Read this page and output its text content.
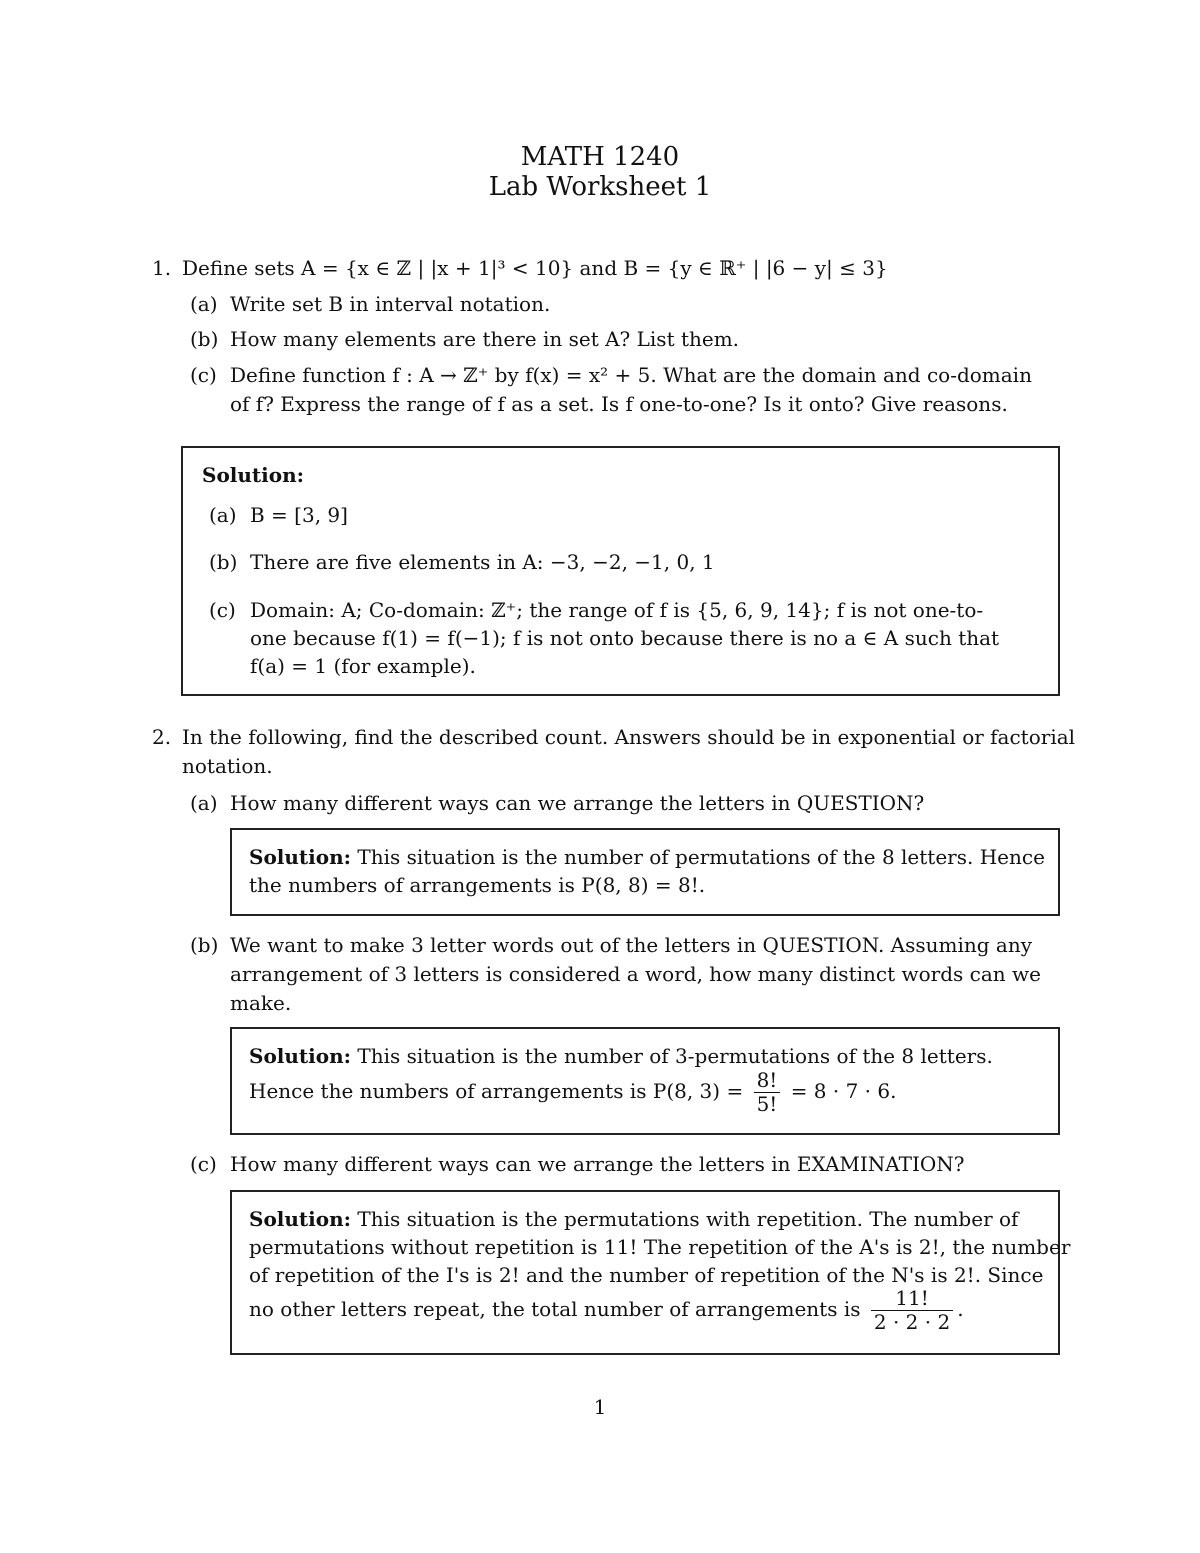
MATH 1240
Lab Worksheet 1
1. Define sets A = {x ∈ ℤ | |x + 1|³ < 10} and B = {y ∈ ℝ⁺ | |6 − y| ≤ 3}
(a) Write set B in interval notation.
(b) How many elements are there in set A? List them.
(c) Define function f : A → ℤ⁺ by f(x) = x² + 5. What are the domain and co-domain
of f? Express the range of f as a set. Is f one-to-one? Is it onto? Give reasons.
Solution:
(a) B = [3, 9]
(b) There are five elements in A: −3, −2, −1, 0, 1
(c) Domain: A; Co-domain: ℤ⁺; the range of f is {5, 6, 9, 14}; f is not one-to-
one because f(1) = f(−1); f is not onto because there is no a ∈ A such that
f(a) = 1 (for example).
2. In the following, find the described count. Answers should be in exponential or factorial
notation.
(a) How many different ways can we arrange the letters in QUESTION?
Solution: This situation is the number of permutations of the 8 letters. Hence
the numbers of arrangements is P(8, 8) = 8!.
(b) We want to make 3 letter words out of the letters in QUESTION. Assuming any
arrangement of 3 letters is considered a word, how many distinct words can we
make.
Solution: This situation is the number of 3-permutations of the 8 letters.
Hence the numbers of arrangements is P(8, $3) = \frac{8!}{5!} = 8 \cdot 7 \cdot 6$.
(c) How many different ways can we arrange the letters in EXAMINATION?
Solution: This situation is the permutations with repetition. The number of
permutations without repetition is 11! The repetition of the A's is 2!, the number
of repetition of the I's is 2! and the number of repetition of the N's is 2!. Since
no other letters repeat, the total number of arrangements is $\frac{11!}{2 \cdot 2 \cdot 2}$ .
1
